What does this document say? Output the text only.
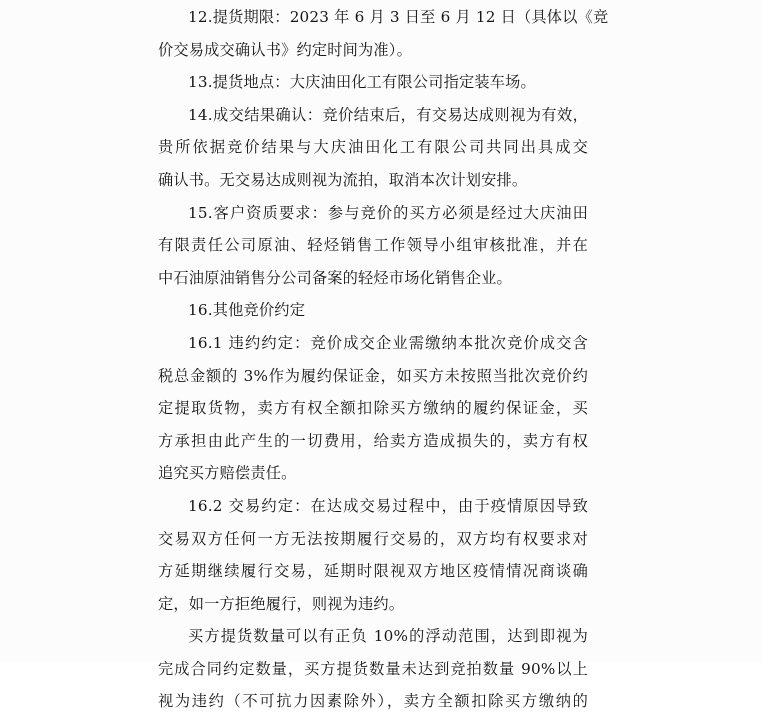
12.提货期限：2023 年 6 月 3 日至 6 月 12 日（具体以《竞
价交易成交确认书》约定时间为准）。
13.提货地点：大庆油田化工有限公司指定装车场。
14.成交结果确认：竞价结束后，有交易达成则视为有效，
贵所依据竞价结果与大庆油田化工有限公司共同出具成交
确认书。无交易达成则视为流拍，取消本次计划安排。
15.客户资质要求：参与竞价的买方必须是经过大庆油田
有限责任公司原油、轻烃销售工作领导小组审核批准，并在
中石油原油销售分公司备案的轻烃市场化销售企业。
16.其他竞价约定
16.1 违约约定：竞价成交企业需缴纳本批次竞价成交含
税总金额的 3%作为履约保证金，如买方未按照当批次竞价约
定提取货物，卖方有权全额扣除买方缴纳的履约保证金，买
方承担由此产生的一切费用，给卖方造成损失的，卖方有权
追究买方赔偿责任。
16.2 交易约定：在达成交易过程中，由于疫情原因导致
交易双方任何一方无法按期履行交易的，双方均有权要求对
方延期继续履行交易，延期时限视双方地区疫情情况商谈确
定，如一方拒绝履行，则视为违约。
买方提货数量可以有正负 10%的浮动范围，达到即视为
完成合同约定数量，买方提货数量未达到竞拍数量 90%以上
视为违约（不可抗力因素除外），卖方全额扣除买方缴纳的
